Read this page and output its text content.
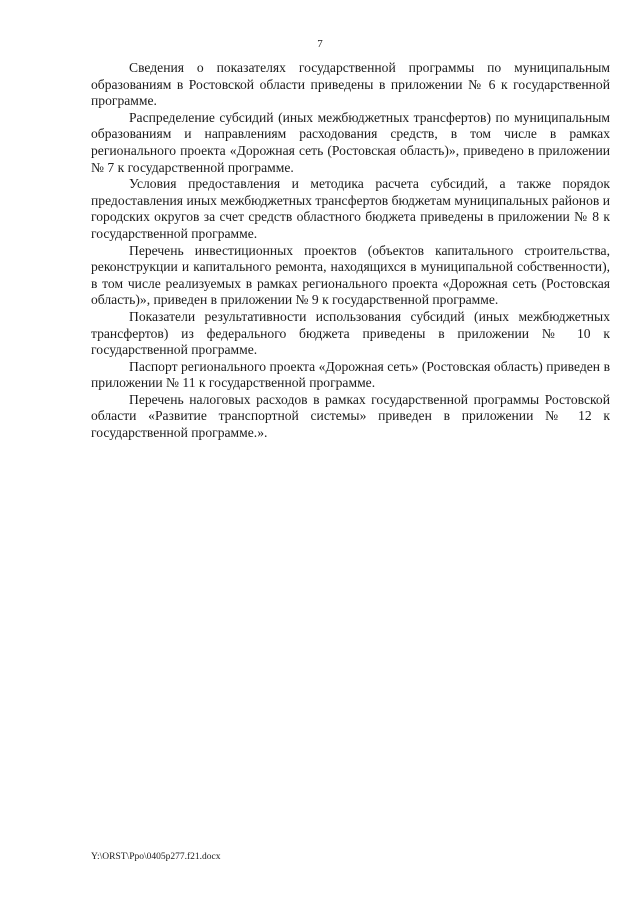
7

Сведения о показателях государственной программы по муниципальным образованиям в Ростовской области приведены в приложении № 6 к государственной программе.

Распределение субсидий (иных межбюджетных трансфертов) по муниципальным образованиям и направлениям расходования средств, в том числе в рамках регионального проекта «Дорожная сеть (Ростовская область)», приведено в приложении № 7 к государственной программе.

Условия предоставления и методика расчета субсидий, а также порядок предоставления иных межбюджетных трансфертов бюджетам муниципальных районов и городских округов за счет средств областного бюджета приведены в приложении № 8 к государственной программе.

Перечень инвестиционных проектов (объектов капитального строительства, реконструкции и капитального ремонта, находящихся в муниципальной собственности), в том числе реализуемых в рамках регионального проекта «Дорожная сеть (Ростовская область)», приведен в приложении № 9 к государственной программе.

Показатели результативности использования субсидий (иных межбюджетных трансфертов) из федерального бюджета приведены в приложении № 10 к государственной программе.

Паспорт регионального проекта «Дорожная сеть» (Ростовская область) приведен в приложении № 11 к государственной программе.

Перечень налоговых расходов в рамках государственной программы Ростовской области «Развитие транспортной системы» приведен в приложении № 12 к государственной программе.».

Y:\ORST\Ppo\0405p277.f21.docx
